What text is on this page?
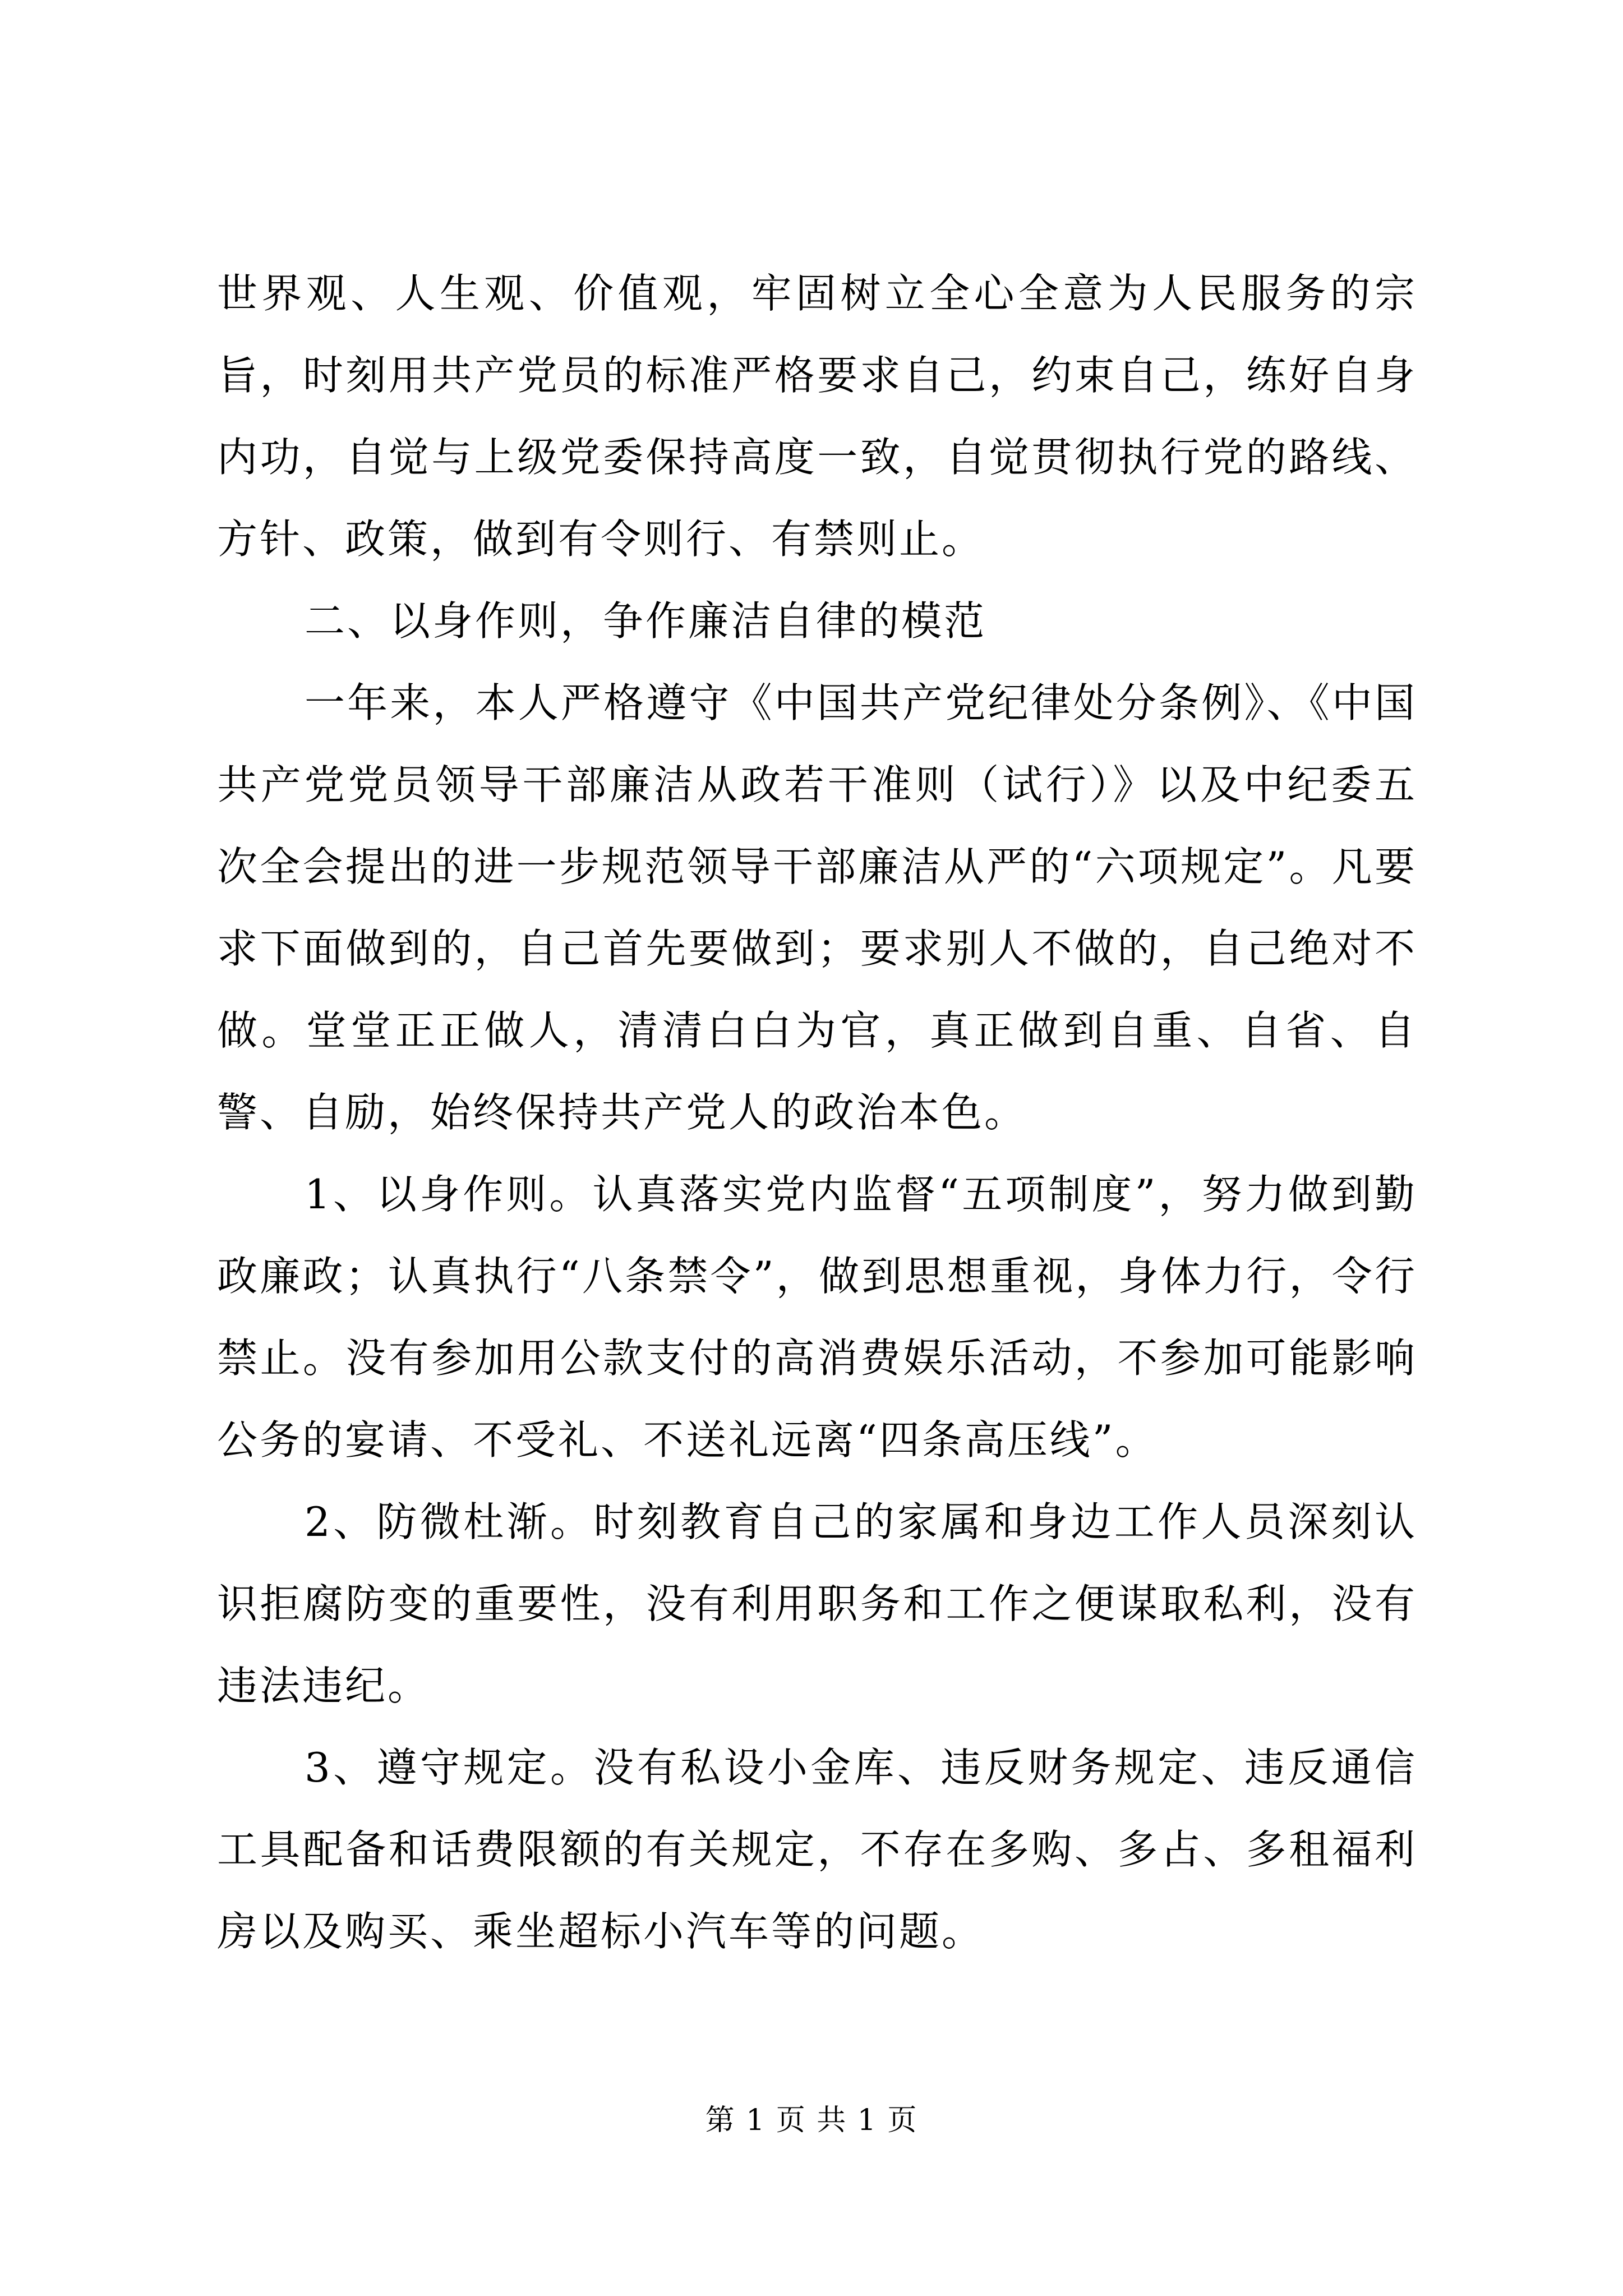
世界观、人生观、价值观，牢固树立全心全意为人民服务的宗旨，时刻用共产党员的标准严格要求自己，约束自己，练好自身内功，自觉与上级党委保持高度一致，自觉贯彻执行党的路线、方针、政策，做到有令则行、有禁则止。

二、以身作则，争作廉洁自律的模范

一年来，本人严格遵守《中国共产党纪律处分条例》、《中国共产党党员领导干部廉洁从政若干准则（试行）》以及中纪委五次全会提出的进一步规范领导干部廉洁从严的“六项规定”。凡要求下面做到的，自己首先要做到；要求别人不做的，自己绝对不做。堂堂正正做人，清清白白为官，真正做到自重、自省、自警、自励，始终保持共产党人的政治本色。

1、以身作则。认真落实党内监督“五项制度”，努力做到勤政廉政；认真执行“八条禁令”，做到思想重视，身体力行，令行禁止。没有参加用公款支付的高消费娱乐活动，不参加可能影响公务的宴请、不受礼、不送礼远离“四条高压线”。

2、防微杜渐。时刻教育自己的家属和身边工作人员深刻认识拒腐防变的重要性，没有利用职务和工作之便谋取私利，没有违法违纪。

3、遵守规定。没有私设小金库、违反财务规定、违反通信工具配备和话费限额的有关规定，不存在多购、多占、多租福利房以及购买、乘坐超标小汽车等的问题。

第 1 页 共 1 页
